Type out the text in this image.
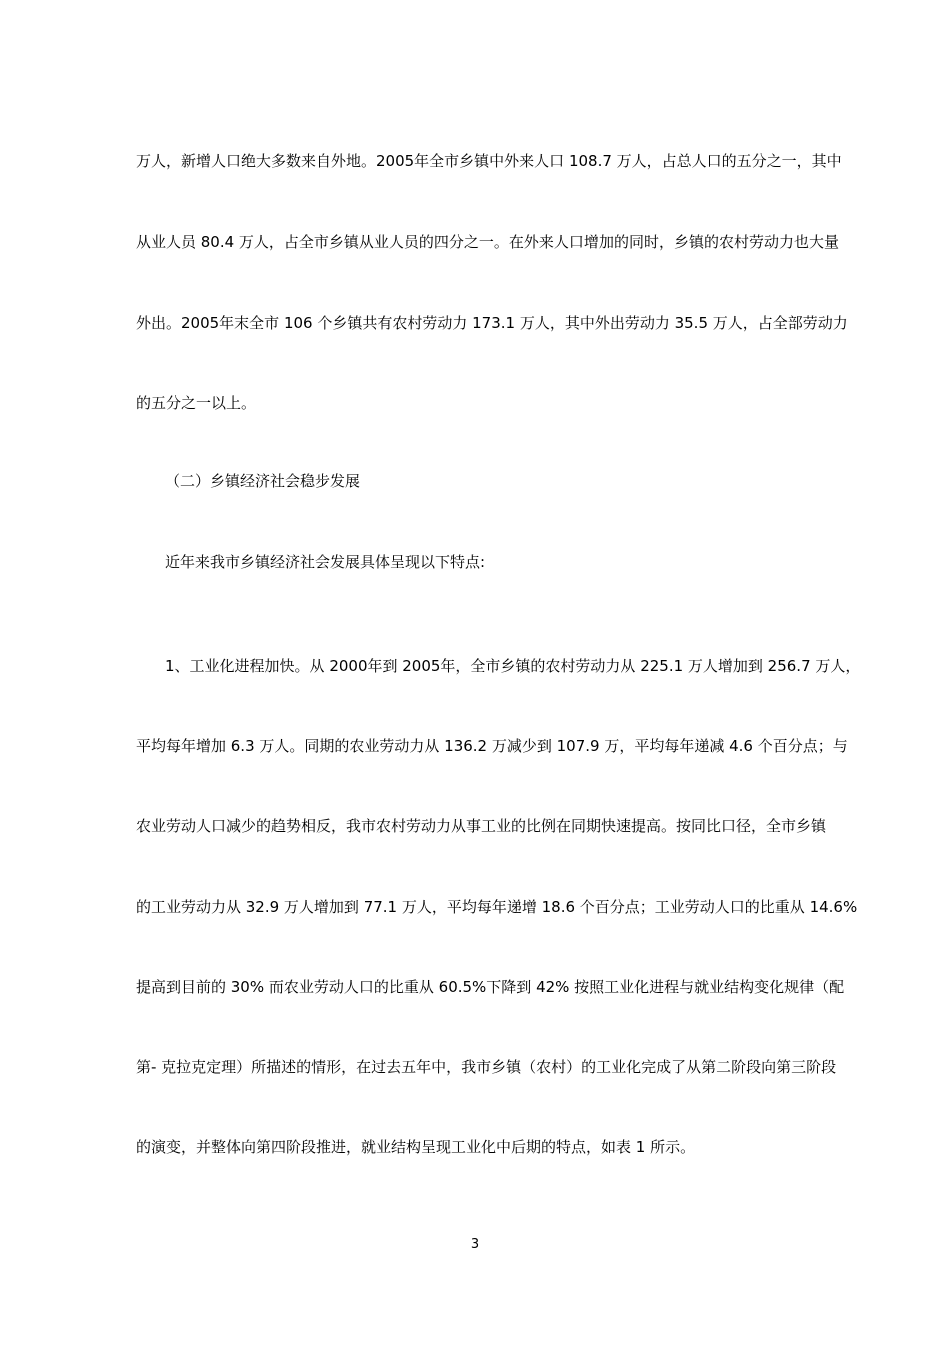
万人，新增人口绝大多数来自外地。2005年全市乡镇中外来人口 108.7 万人，占总人口的五分之一，其中
从业人员 80.4 万人，占全市乡镇从业人员的四分之一。在外来人口增加的同时，乡镇的农村劳动力也大量
外出。2005年末全市 106 个乡镇共有农村劳动力 173.1 万人，其中外出劳动力 35.5 万人，占全部劳动力
的五分之一以上。
（二）乡镇经济社会稳步发展
近年来我市乡镇经济社会发展具体呈现以下特点:
1、工业化进程加快。从 2000年到 2005年，全市乡镇的农村劳动力从 225.1 万人增加到 256.7 万人，
平均每年增加 6.3 万人。同期的农业劳动力从 136.2 万减少到 107.9 万，平均每年递减 4.6 个百分点；与
农业劳动人口减少的趋势相反，我市农村劳动力从事工业的比例在同期快速提高。按同比口径，全市乡镇
的工业劳动力从 32.9 万人增加到 77.1 万人，平均每年递增 18.6 个百分点；工业劳动人口的比重从 14.6%
提高到目前的 30% 而农业劳动人口的比重从 60.5%下降到 42% 按照工业化进程与就业结构变化规律（配
第- 克拉克定理）所描述的情形，在过去五年中，我市乡镇（农村）的工业化完成了从第二阶段向第三阶段
的演变，并整体向第四阶段推进，就业结构呈现工业化中后期的特点，如表 1 所示。
3
